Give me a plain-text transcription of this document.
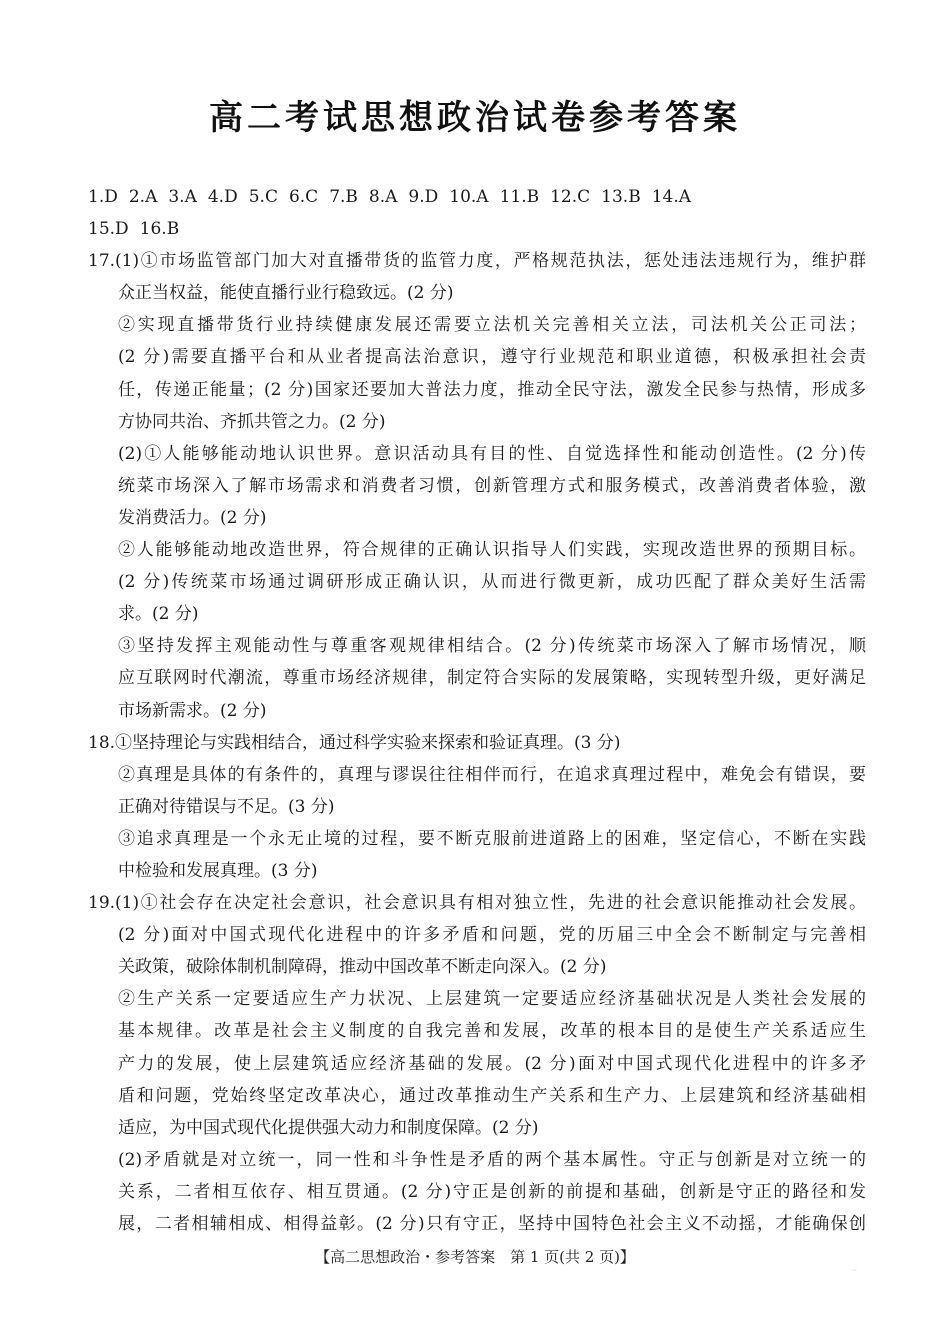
高二考试思想政治试卷参考答案
1.D 2.A 3.A 4.D 5.C 6.C 7.B 8.A 9.D 10.A 11.B 12.C 13.B 14.A
15.D 16.B
17.(1)①市场监管部门加大对直播带货的监管力度，严格规范执法，惩处违法违规行为，维护群
众正当权益，能使直播行业行稳致远。(2 分)
②实现直播带货行业持续健康发展还需要立法机关完善相关立法，司法机关公正司法；
(2 分)需要直播平台和从业者提高法治意识，遵守行业规范和职业道德，积极承担社会责
任，传递正能量；(2 分)国家还要加大普法力度，推动全民守法，激发全民参与热情，形成多
方协同共治、齐抓共管之力。(2 分)
(2)①人能够能动地认识世界。意识活动具有目的性、自觉选择性和能动创造性。(2 分)传
统菜市场深入了解市场需求和消费者习惯，创新管理方式和服务模式，改善消费者体验，激
发消费活力。(2 分)
②人能够能动地改造世界，符合规律的正确认识指导人们实践，实现改造世界的预期目标。
(2 分)传统菜市场通过调研形成正确认识，从而进行微更新，成功匹配了群众美好生活需
求。(2 分)
③坚持发挥主观能动性与尊重客观规律相结合。(2 分)传统菜市场深入了解市场情况，顺
应互联网时代潮流，尊重市场经济规律，制定符合实际的发展策略，实现转型升级，更好满足
市场新需求。(2 分)
18.①坚持理论与实践相结合，通过科学实验来探索和验证真理。(3 分)
②真理是具体的有条件的，真理与谬误往往相伴而行，在追求真理过程中，难免会有错误，要
正确对待错误与不足。(3 分)
③追求真理是一个永无止境的过程，要不断克服前进道路上的困难，坚定信心，不断在实践
中检验和发展真理。(3 分)
19.(1)①社会存在决定社会意识，社会意识具有相对独立性，先进的社会意识能推动社会发展。
(2 分)面对中国式现代化进程中的许多矛盾和问题，党的历届三中全会不断制定与完善相
关政策，破除体制机制障碍，推动中国改革不断走向深入。(2 分)
②生产关系一定要适应生产力状况、上层建筑一定要适应经济基础状况是人类社会发展的
基本规律。改革是社会主义制度的自我完善和发展，改革的根本目的是使生产关系适应生
产力的发展，使上层建筑适应经济基础的发展。(2 分)面对中国式现代化进程中的许多矛
盾和问题，党始终坚定改革决心，通过改革推动生产关系和生产力、上层建筑和经济基础相
适应，为中国式现代化提供强大动力和制度保障。(2 分)
(2)矛盾就是对立统一，同一性和斗争性是矛盾的两个基本属性。守正与创新是对立统一的
关系，二者相互依存、相互贯通。(2 分)守正是创新的前提和基础，创新是守正的路径和发
展，二者相辅相成、相得益彰。(2 分)只有守正，坚持中国特色社会主义不动摇，才能确保创
【高二思想政治・参考答案　第 1 页(共 2 页)】
··
